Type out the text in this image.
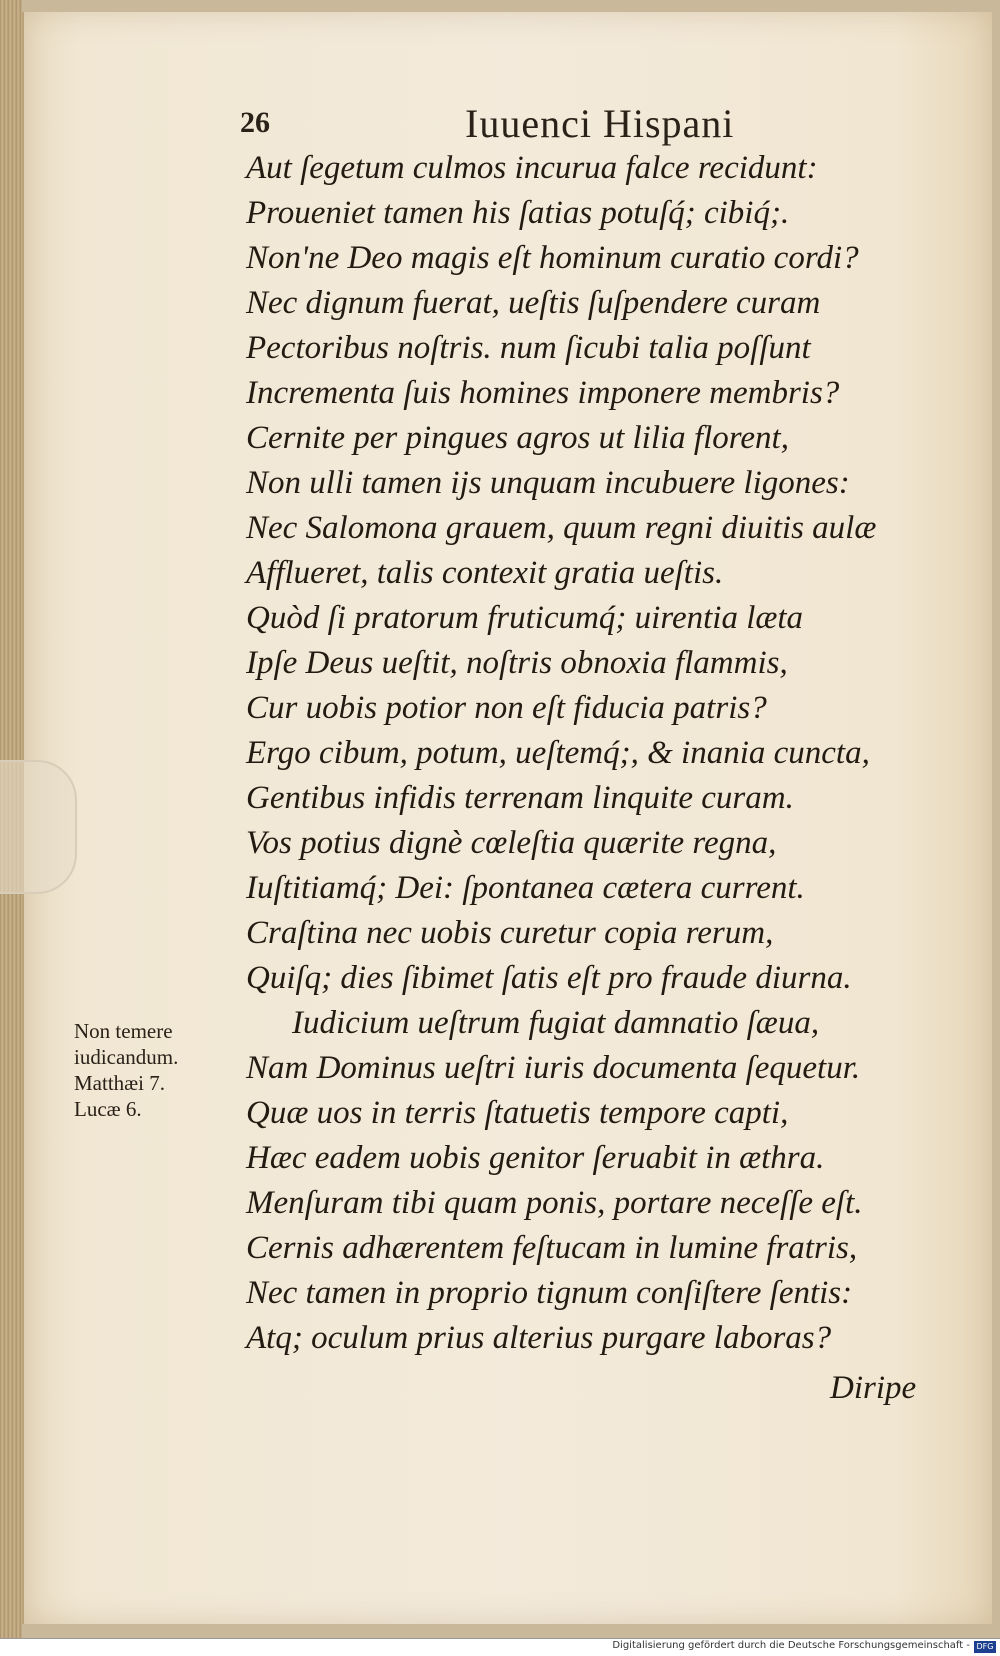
26	Iuuenci Hispani
Aut ſegetum culmos incurua falce recidunt:
Proueniet tamen his ſatias potuſq́; cibiq́;.
Non'ne Deo magis eſt hominum curatio cordi?
Nec dignum fuerat, ueſtis ſuſpendere curam
Pectoribus noſtris. num ſicubi talia poſſunt
Incrementa ſuis homines imponere membris?
Cernite per pingues agros ut lilia florent,
Non ulli tamen ijs unquam incubuere ligones:
Nec Salomona grauem, quum regni diuitis aulæ
Afflueret, talis contexit gratia ueſtis.
Quòd ſi pratorum fruticumq́; uirentia læta
Ipſe Deus ueſtit, noſtris obnoxia flammis,
Cur uobis potior non eſt fiducia patris?
Ergo cibum, potum, ueſtemq́;, & inania cuncta,
Gentibus infidis terrenam linquite curam.
Vos potius dignè cœleſtia quærite regna,
Iuſtitiamq́; Dei: ſpontanea cætera current.
Craſtina nec uobis curetur copia rerum,
Quiſq; dies ſibimet ſatis eſt pro fraude diurna.
Iudicium ueſtrum fugiat damnatio ſæua,
Nam Dominus ueſtri iuris documenta ſequetur.
Quæ uos in terris ſtatuetis tempore capti,
Hæc eadem uobis genitor ſeruabit in æthra.
Menſuram tibi quam ponis, portare neceſſe eſt.
Cernis adhærentem feſtucam in lumine fratris,
Nec tamen in proprio tignum conſiſtere ſentis:
Atq; oculum prius alterius purgare laboras?
Non temere
iudicandum.
Matthæi 7.
Lucæ 6.
Diripe
Digitalisierung gefördert durch die Deutsche Forschungsgemeinschaft - DFG
